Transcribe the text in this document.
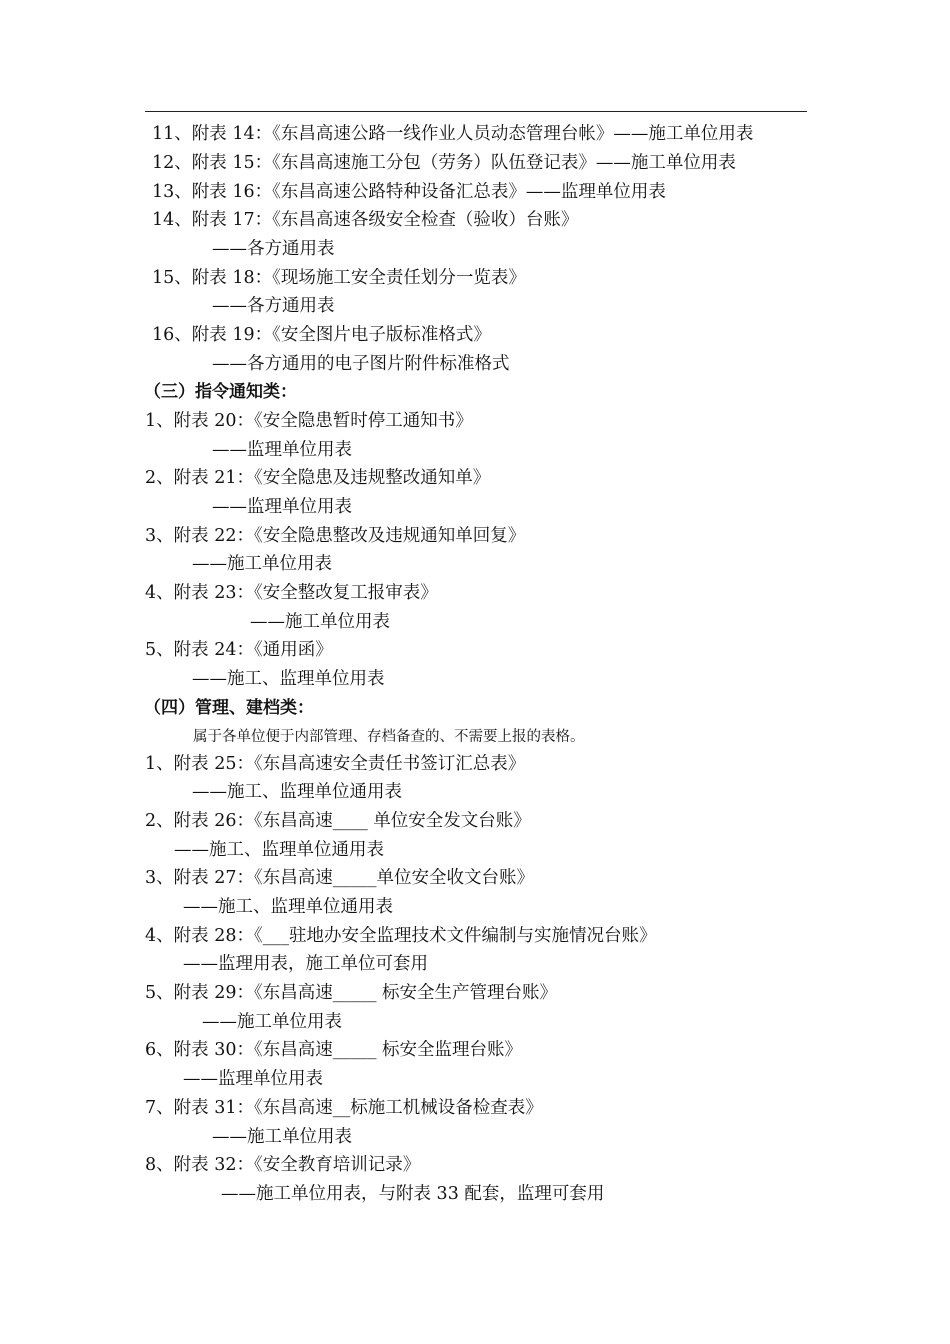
11、附表 14：《东昌高速公路一线作业人员动态管理台帐》——施工单位用表
12、附表 15：《东昌高速施工分包（劳务）队伍登记表》——施工单位用表
13、附表 16：《东昌高速公路特种设备汇总表》——监理单位用表
14、附表 17：《东昌高速各级安全检查（验收）台账》
——各方通用表
15、附表 18：《现场施工安全责任划分一览表》
——各方通用表
16、附表 19：《安全图片电子版标准格式》
——各方通用的电子图片附件标准格式
（三）指令通知类：
1、附表 20：《安全隐患暂时停工通知书》
——监理单位用表
2、附表 21：《安全隐患及违规整改通知单》
——监理单位用表
3、附表 22：《安全隐患整改及违规通知单回复》
——施工单位用表
4、附表 23：《安全整改复工报审表》
——施工单位用表
5、附表 24：《通用函》
——施工、监理单位用表
（四）管理、建档类：
属于各单位便于内部管理、存档备查的、不需要上报的表格。
1、附表 25：《东昌高速安全责任书签订汇总表》
——施工、监理单位通用表
2、附表 26：《东昌高速____ 单位安全发文台账》
——施工、监理单位通用表
3、附表 27：《东昌高速_____单位安全收文台账》
——施工、监理单位通用表
4、附表 28：《___驻地办安全监理技术文件编制与实施情况台账》
——监理用表，施工单位可套用
5、附表 29：《东昌高速_____ 标安全生产管理台账》
——施工单位用表
6、附表 30：《东昌高速_____ 标安全监理台账》
——监理单位用表
7、附表 31：《东昌高速__标施工机械设备检查表》
——施工单位用表
8、附表 32：《安全教育培训记录》
——施工单位用表，与附表 33 配套，监理可套用
